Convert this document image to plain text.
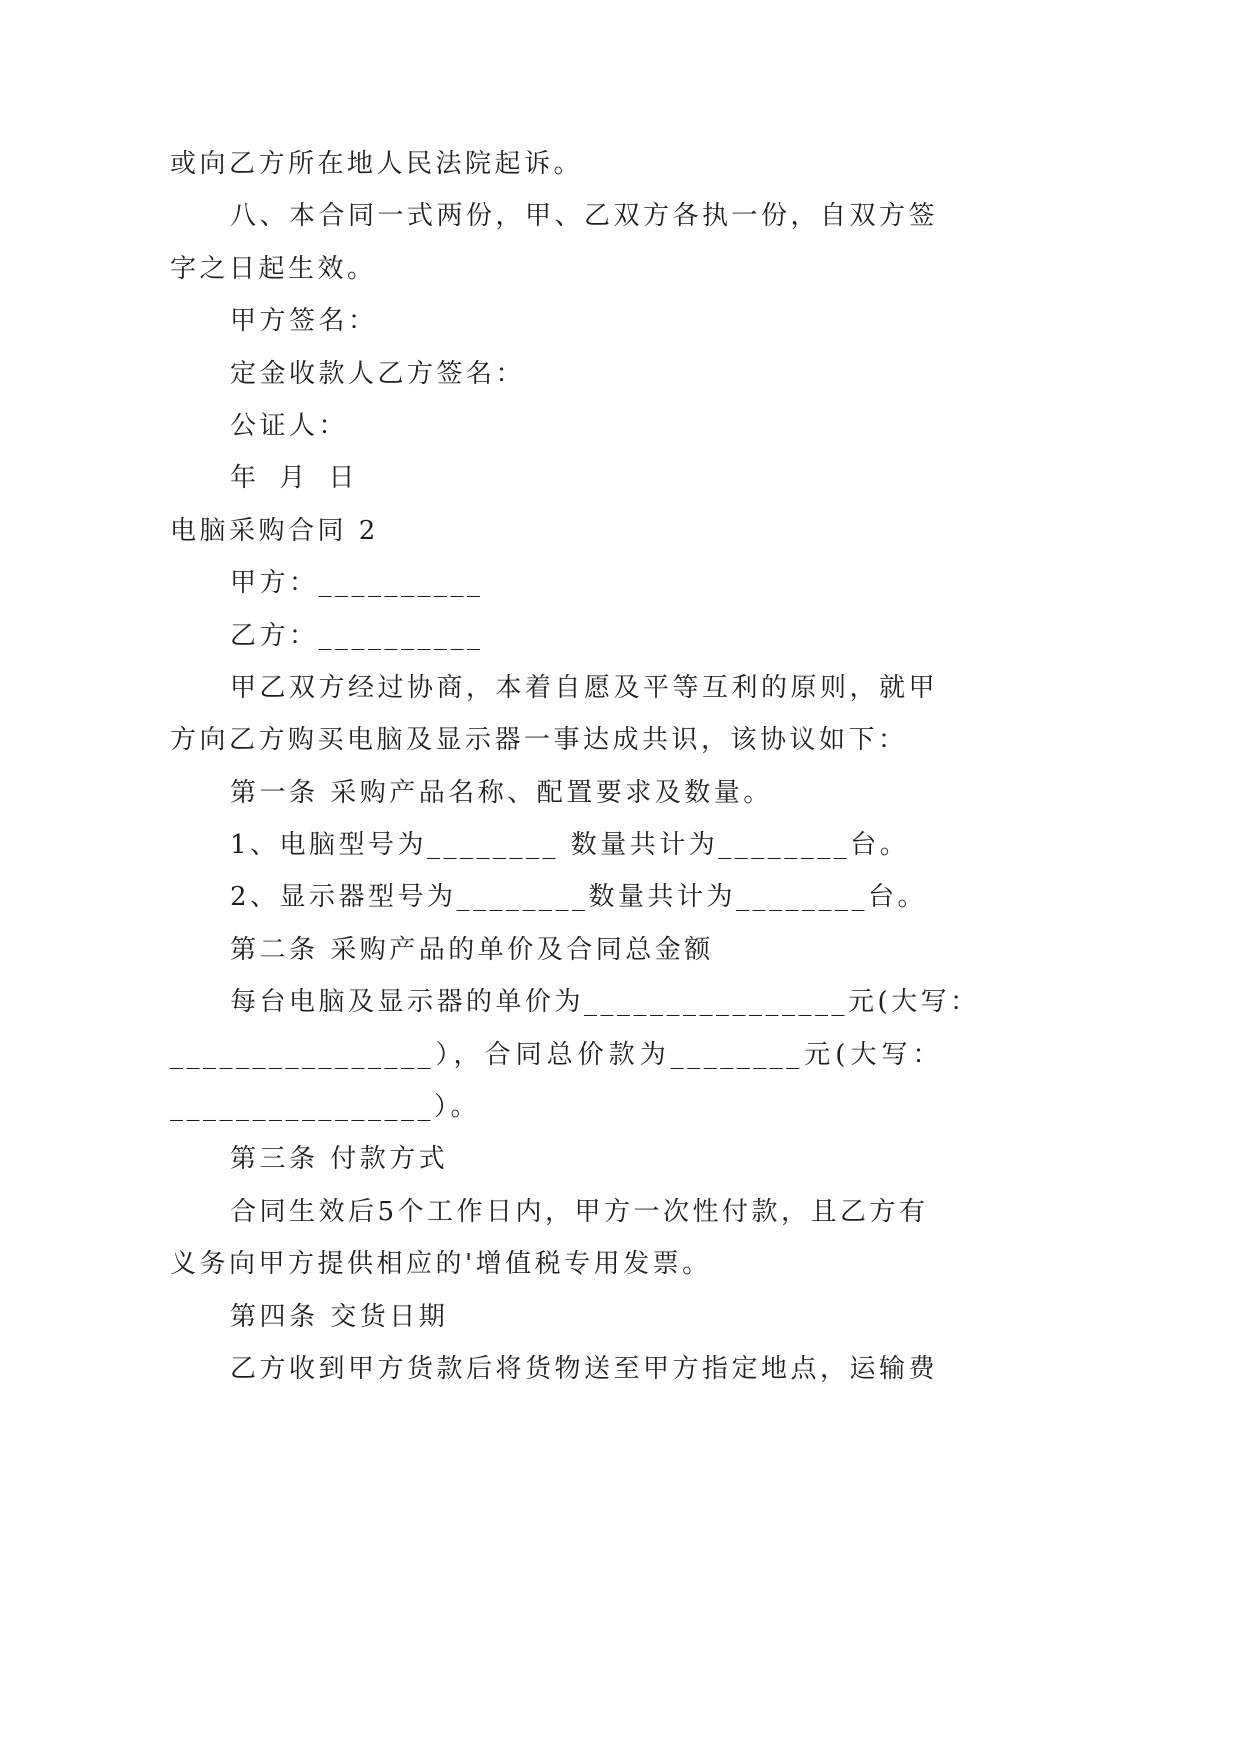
或向乙方所在地人民法院起诉。
八、本合同一式两份，甲、乙双方各执一份，自双方签
字之日起生效。
甲方签名：
定金收款人乙方签名：
公证人：
年 月 日
电脑采购合同 2
甲方：__________
乙方：__________
甲乙双方经过协商，本着自愿及平等互利的原则，就甲
方向乙方购买电脑及显示器一事达成共识，该协议如下：
第一条 采购产品名称、配置要求及数量。
1、电脑型号为________ 数量共计为________台。
2、显示器型号为________数量共计为________台。
第二条 采购产品的单价及合同总金额
每台电脑及显示器的单价为________________元(大写：
________________），合同总价款为________元(大写：
________________）。
第三条 付款方式
合同生效后5个工作日内，甲方一次性付款，且乙方有
义务向甲方提供相应的'增值税专用发票。
第四条 交货日期
乙方收到甲方货款后将货物送至甲方指定地点，运输费
